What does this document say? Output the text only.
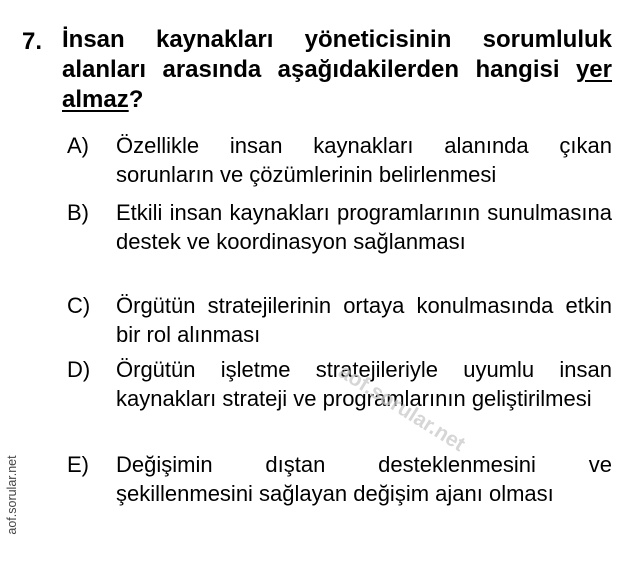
7. İnsan kaynakları yöneticisinin sorumluluk alanları arasında aşağıdakilerden hangisi yer almaz?
A) Özellikle insan kaynakları alanında çıkan sorunların ve çözümlerinin belirlenmesi
B) Etkili insan kaynakları programlarının sunulmasına destek ve koordinasyon sağlanması
C) Örgütün stratejilerinin ortaya konulmasında etkin bir rol alınması
D) Örgütün işletme stratejileriyle uyumlu insan kaynakları strateji ve programlarının geliştirilmesi
E) Değişimin dıştan desteklenmesini ve şekillenmesini sağlayan değişim ajanı olması
aof.sorular.net
aof.sorular.net
